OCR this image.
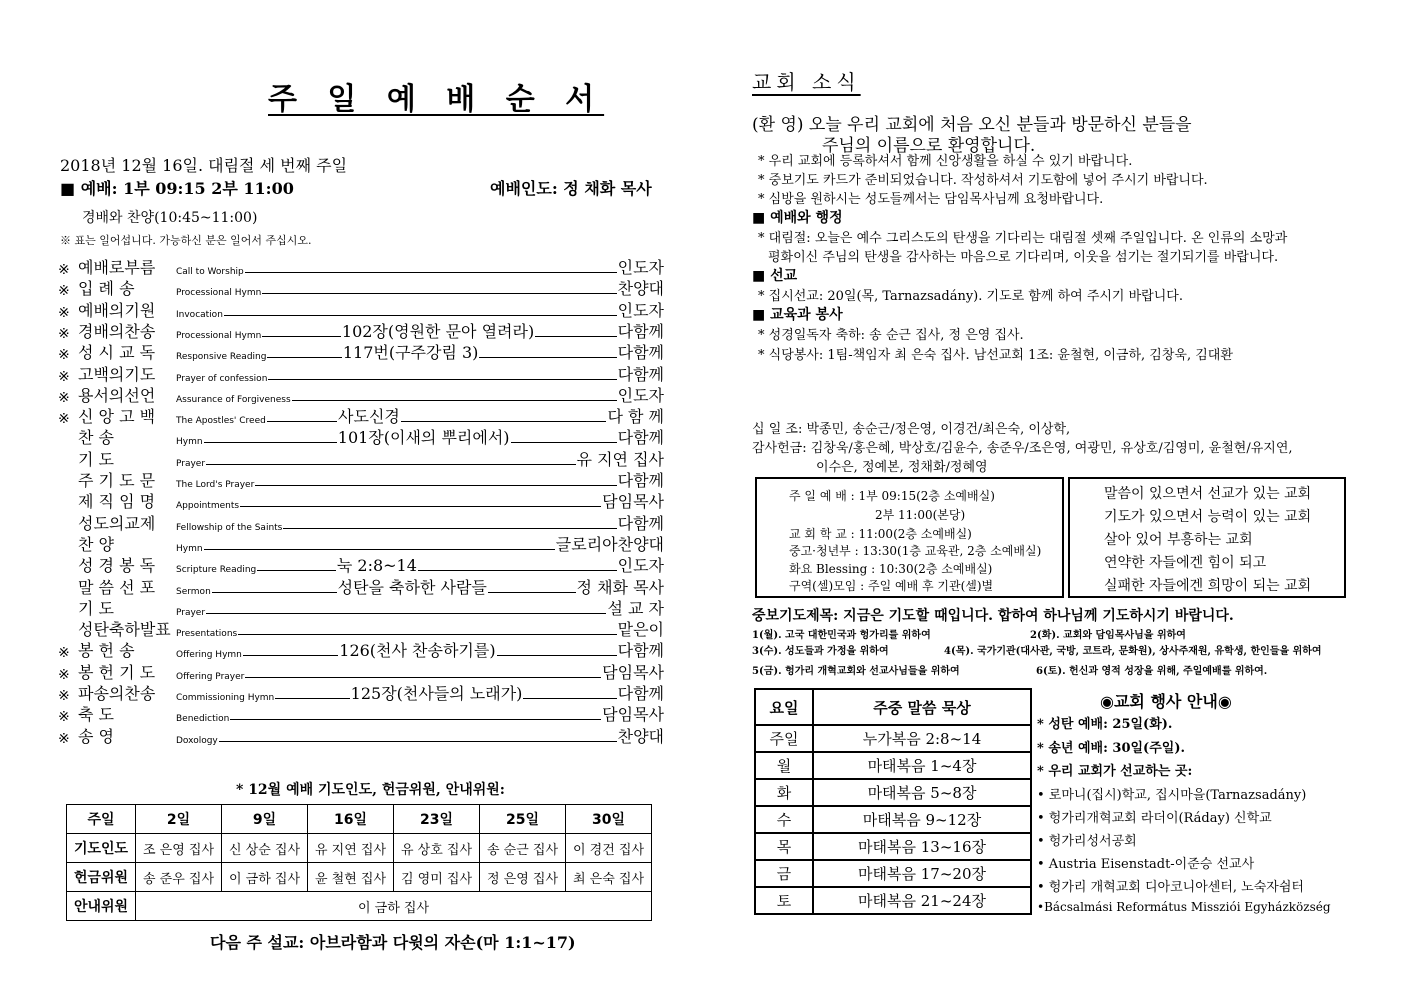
주 일 예 배 순 서
2018년 12월 16일. 대림절 세 번째 주일
■ 예배: 1부 09:15 2부 11:00	예배인도: 정 채화 목사
경배와 찬양(10:45~11:00)
※ 표는 일어섭니다. 가능하신 분은 일어서 주십시오.
※ 예배로부름	Call to Worship	인도자
※ 입 례 송	Processional Hymn	찬양대
※ 예배의기원	Invocation	인도자
※ 경배의찬송	Processional Hymn	102장(영원한 문아 열려라)	다함께
※ 성 시 교 독	Responsive Reading	117번(구주강림 3)	다함께
※ 고백의기도	Prayer of confession	다함께
※ 용서의선언	Assurance of Forgiveness	인도자
※ 신 앙 고 백	The Apostles' Creed	사도신경	다 함 께
찬 송	Hymn	101장(이새의 뿌리에서)	다함께
기 도	Prayer	유 지연 집사
주 기 도 문	The Lord's Prayer	다함께
제 직 임 명	Appointments	담임목사
성도의교제	Fellowship of the Saints	다함께
찬 양	Hymn	글로리아찬양대
성 경 봉 독	Scripture Reading	눅 2:8~14	인도자
말 씀 선 포	Sermon	성탄을 축하한 사람들	정 채화 목사
기 도	Prayer	설 교 자
성탄축하발표 Presentations	맡은이
※ 봉 헌 송	Offering Hymn	126(천사 찬송하기를)	다함께
※ 봉 헌 기 도	Offering Prayer	담임목사
※ 파송의찬송	Commissioning Hymn	125장(천사들의 노래가)	다함께
※ 축 도	Benediction	담임목사
※ 송 영	Doxology	찬양대
* 12월 예배 기도인도, 헌금위원, 안내위원:
주일	2일	9일	16일	23일	25일	30일
기도인도	조 은영 집사	신 상순 집사	유 지연 집사	유 상호 집사	송 순근 집사	이 경건 집사
헌금위원	송 준우 집사	이 금하 집사	윤 철현 집사	김 영미 집사	정 은영 집사	최 은숙 집사
안내위원	이 금하 집사					
다음 주 설교: 아브라함과 다윗의 자손(마 1:1~17)
교회 소식
(환 영) 오늘 우리 교회에 처음 오신 분들과 방문하신 분들을
주님의 이름으로 환영합니다.
* 우리 교회에 등록하셔서 함께 신앙생활을 하실 수 있기 바랍니다.
* 중보기도 카드가 준비되었습니다. 작성하셔서 기도함에 넣어 주시기 바랍니다.
* 심방을 원하시는 성도들께서는 담임목사님께 요청바랍니다.
■ 예배와 행정
* 대림절: 오늘은 예수 그리스도의 탄생을 기다리는 대림절 셋째 주일입니다. 온 인류의 소망과
평화이신 주님의 탄생을 감사하는 마음으로 기다리며, 이웃을 섬기는 절기되기를 바랍니다.
■ 선교
* 집시선교: 20일(목, Tarnazsadány). 기도로 함께 하여 주시기 바랍니다.
■ 교육과 봉사
* 성경일독자 축하: 송 순근 집사, 정 은영 집사.
* 식당봉사: 1팀-책임자 최 은숙 집사. 남선교회 1조: 윤철현, 이금하, 김창욱, 김대환
십 일 조: 박종민, 송순근/정은영, 이경건/최은숙, 이상학,
감사헌금: 김창욱/홍은혜, 박상호/김윤수, 송준우/조은영, 여광민, 유상호/김영미, 윤철현/유지연,
이수은, 정예본, 정채화/정혜영
주 일 예 배 : 1부 09:15(2층 소예배실)
2부 11:00(본당)
교 회 학 교 : 11:00(2층 소예배실)
중고·청년부 : 13:30(1층 교육관, 2층 소예배실)
화요 Blessing : 10:30(2층 소예배실)
구역(셀)모임 : 주일 예배 후 기관(셀)별
말씀이 있으면서 선교가 있는 교회
기도가 있으면서 능력이 있는 교회
살아 있어 부흥하는 교회
연약한 자들에겐 힘이 되고
실패한 자들에겐 희망이 되는 교회
중보기도제목: 지금은 기도할 때입니다. 합하여 하나님께 기도하시기 바랍니다.
1(월). 고국 대한민국과 헝가리를 위하여	2(화). 교회와 담임목사님을 위하여
3(수). 성도들과 가정을 위하여	4(목). 국가기관(대사관, 국방, 코트라, 문화원), 상사주재원, 유학생, 한인들을 위하여
5(금). 헝가리 개혁교회와 선교사님들을 위하여	6(토). 헌신과 영적 성장을 위해, 주일예배를 위하여.
요일	주중 말씀 묵상
주일	누가복음 2:8~14
월	마태복음 1~4장
화	마태복음 5~8장
수	마태복음 9~12장
목	마태복음 13~16장
금	마태복음 17~20장
토	마태복음 21~24장
◉교회 행사 안내◉
* 성탄 예배: 25일(화).
* 송년 예배: 30일(주일).
* 우리 교회가 선교하는 곳:
• 로마니(집시)학교, 집시마을(Tarnazsadány)
• 헝가리개혁교회 라더이(Ráday) 신학교
• 헝가리성서공회
• Austria Eisenstadt-이준승 선교사
• 헝가리 개혁교회 디아코니아센터, 노숙자쉼터
•Bácsalmási Református Missziói Egyházközség
